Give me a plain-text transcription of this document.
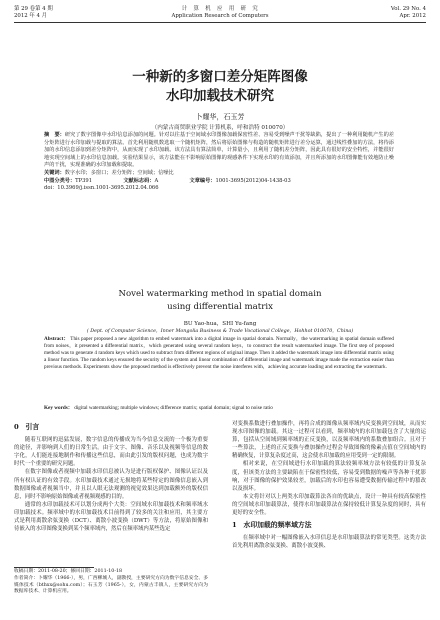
第 29 卷第 4 期
2012 年 4 月
计　算　机　应　用　研　究
Application Research of Computers
Vol. 29 No. 4
Apr. 2012
一种新的多窗口差分矩阵图像
水印加载技术研究
卜耀华，石玉芳
（内蒙古商贸职业学院 计算机系，呼和浩特 010070）
摘　要：研究了数字图像中水印信息添加的问题。针对以往基于空间域水印图像加载保密性差、容易受到噪声干扰等缺陷，提出了一种利用随机产生的差分矩阵进行水印加载与提取的算法。首先利用随机数选取一个随机矩阵，然后将原始图像与构造的随机矩阵进行差分运算，通过线性叠加的方法，将待添加的水印信息添加到差分矩阵中，从而实现了水印加载。该方法具有算法简单，计算量小，且利用了随机差分矩阵，因此具有很好的安全特性，并能很好地实现空间域上的水印信息加载。实验结果显示，该方法能在不影响原始图像的观感条件下实现水印的有效添加，并且所添加的水印图像能有效地防止噪声的干扰，实现准确的水印加载和提取。
关键词：数字水印；多窗口；差分矩阵；空间域；信噪比
中图分类号：TP391	文献标志码：A	文章编号：1001-3695(2012)04-1438-03
doi：10.3969/j.issn.1001-3695.2012.04.066
Novel watermarking method in spatial domain
using differential matrix
BU Yao-hua，SHI Yu-fang
( Dept. of Computer Science，Inner Mongolia Business & Trade Vocational College，Hohhot 010070，China)
Abstract： This paper proposed a new algorithm to embed watermark into a digital image in spatial domain. Normally，the watermarking in spatial domain suffered from noises，it presented a differential matrix，which generated using several random keys，to construct the result watermarked image. The first step of proposed method was to generate 4 random keys which used to subtract from different regions of original image. Then it added the watermark image into differential matrix using a linear function. The random keys ensured the security of the system and linear combination of differential image and watermark image made the extraction easier than previous methods. Experiments show the proposed method is effectively prevent the noise interferes with，achieving accurate loading and extracting the watermark.
Key words： digital watermarking; multiple windows; difference matrix; spatial domain; signal to noise ratio
0　引言

随着互联网的迅猛发展，数字信息的传播成为当今信息交流的一个极为重要的途径，并影响到人们的日常生活。由于文字、图像、音乐以及视频等信息的数字化，人们能连接地制作和传播这些信息，而由此引发的版权问题，也成为数字时代一个重要的研究问题。

在数字图像或者视频中加载水印信息被认为是进行版权保护、图像认证以及所有权认证的有效手段。水印加载技术通过无损地将某些特定的图像信息嵌入到数据图像或者视频当中，并且以人眼无法观测的视觉效果达到加载额外的版权信息，同时不影响原始图像或者视频观感的目的。

通常的水印加载技术可以划分成两个大类：空间域水印加载技术和频率域水印加载技术。频率域中的水印加载技术目前得到了较多的关注和应用，其主要方式是利用离散余弦变换（DCT）、离散小波变换（DWT）等方法，将原始图像和待嵌入的水印图像变换到某个频率域内，然后在频率域内某些选定

对变换系数进行叠加操作，再将合成的图像从频率域内反变换到空间域，从而实现水印图像的加载。其这一过程可以看到，频率域内的水印加载包含了大量的运算，包括从空间域到频率域的正反变换，以及频率域内的系数叠加组合。且对于一些算法，上述的正反变换与叠加操作过程会导致图像的像素点值在空间域内的精确恢复，计算复杂度过高，这会使水印加载的应用受到一定的限制。

相对来说，在空间域进行水印加载的算法较频率域方法有较低的计算复杂度，但该类方法的主要缺陷在于保密性较低，容易受到数据的噪声等各种干扰影响，对于图像的保护效果较差，加载后的水印也容易遭受数据传输过程中的篡改以及损坏。

本文将针对以上两类水印加载算法各自的优缺点，设计一种具有较高保密性的空间域水印加载算法，使得水印加载算法在保持较低计算复杂度的同时，具有更好的安全性。

1　水印加载的频率域方法

在频率域中对一幅图像嵌入水印信息是水印加载算法的常见类型。这类方法首先利用离散余弦变换、离散小波变换、

收稿日期：2011-08-20；修回日期：2011-10-18
作者简介：卜耀华（1966-），男，广西柳城人，副教授，主要研究方向为数字信息安全、多媒体技术（bthxx@sohu.com）；石玉芳（1965-），女，内蒙古丰镇人，主要研究方向为数据库技术、计算机应用。
